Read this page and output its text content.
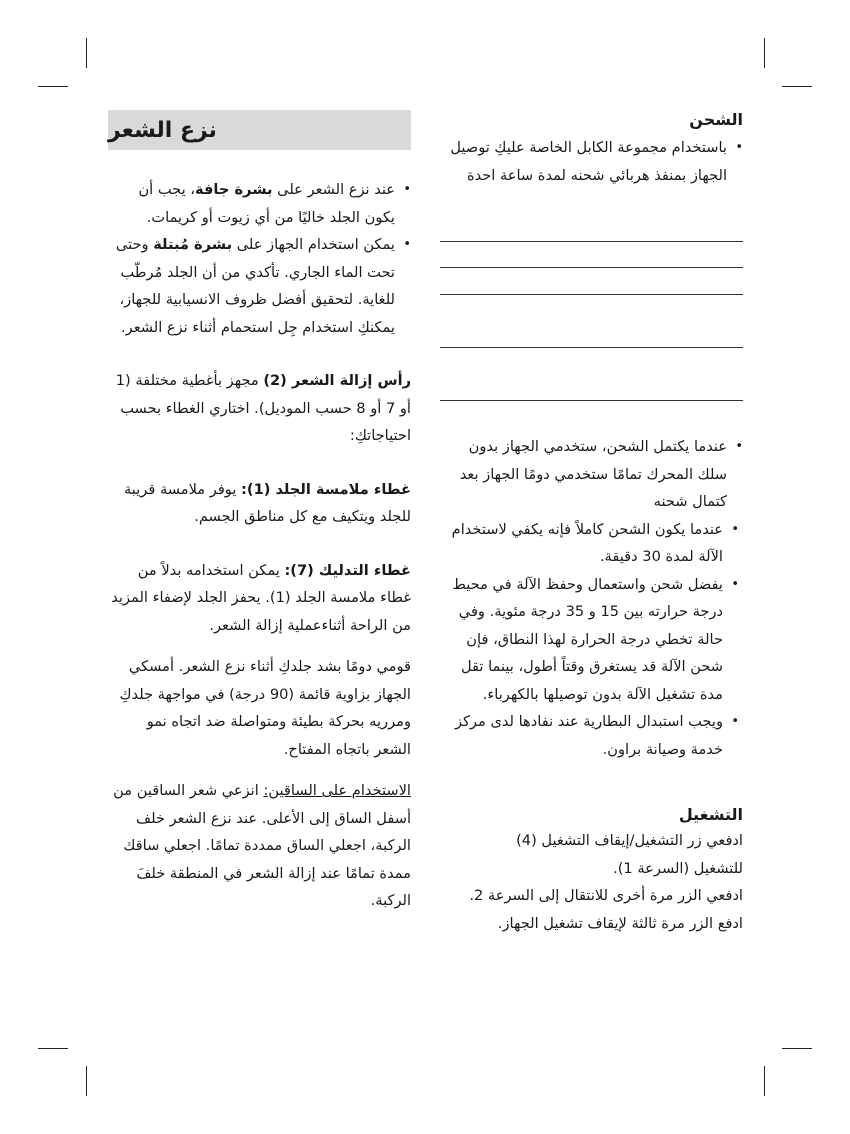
الشحن
• باستخدام مجموعة الكابل الخاصة عليكِ توصيل الجهاز بمنفذ هربائي شحنه لمدة ساعة احدة
• عندما يكتمل الشحن، ستخدمي الجهاز بدون سلك المحرك تمامًا ستخدمي دومًا الجهاز بعد كتمال شحنه
• عندما يكون الشحن كاملاً فإنه يكفي لاستخدام الآلة لمدة 30 دقيقة.
• يفضل شحن واستعمال وحفظ الآلة في محيط درجة حرارته بين 15 و 35 درجة مئوية. وفي حالة تخطي درجة الحرارة لهذا النطاق، فإن شحن الآلة قد يستغرق وقتاً أطول، بينما تقل مدة تشغيل الآلة بدون توصيلها بالكهرباء.
• ويجب استبدال البطارية عند نفادها لدى مركز خدمة وصيانة براون.
التشغيل

ادفعي زر التشغيل/إيقاف التشغيل (4)

للتشغيل (السرعة 1).

ادفعي الزر مرة أخرى للانتقال إلى السرعة 2.

ادفع الزر مرة ثالثة لإيقاف تشغيل الجهاز.

نزع الشعر
• عند نزع الشعر على بشرة جافة، يجب أن يكون الجلد خاليًا من أي زيوت أو كريمات.
• يمكن استخدام الجهاز على بشرة مُبتلة وحتى تحت الماء الجاري. تأكدي من أن الجلد مُرطّب للغاية. لتحقيق أفضل ظروف الانسيابية للجهاز، يمكنكِ استخدام جِل استحمام أثناء نزع الشعر.

رأس إزالة الشعر (2) مجهز بأغطية مختلفة (1 أو 7 أو 8 حسب الموديل). اختاري الغطاء بحسب احتياجاتكِ:

غطاء ملامسة الجلد (1): يوفر ملامسة قريبة للجلد ويتكيف مع كل مناطق الجسم.

غطاء التدليك (7): يمكن استخدامه بدلاً من غطاء ملامسة الجلد (1). يحفز الجلد لإضفاء المزيد من الراحة أثناءعملية إزالة الشعر.

قومي دومًا بشد جلدكِ أثناء نزع الشعر. أمسكي الجهاز بزاوية قائمة (90 درجة) في مواجهة جلدكِ ومرريه بحركة بطيئة ومتواصلة ضد اتجاه نمو الشعر باتجاه المفتاح.

الاستخدام على الساقين: انزعي شعر الساقين من أسفل الساق إلى الأعلى. عند نزع الشعر خلف الركبة، اجعلي الساق ممددة تمامًا. اجعلي ساقك ممدة تمامًا عند إزالة الشعر في المنطقة خلفَ الركبة.
